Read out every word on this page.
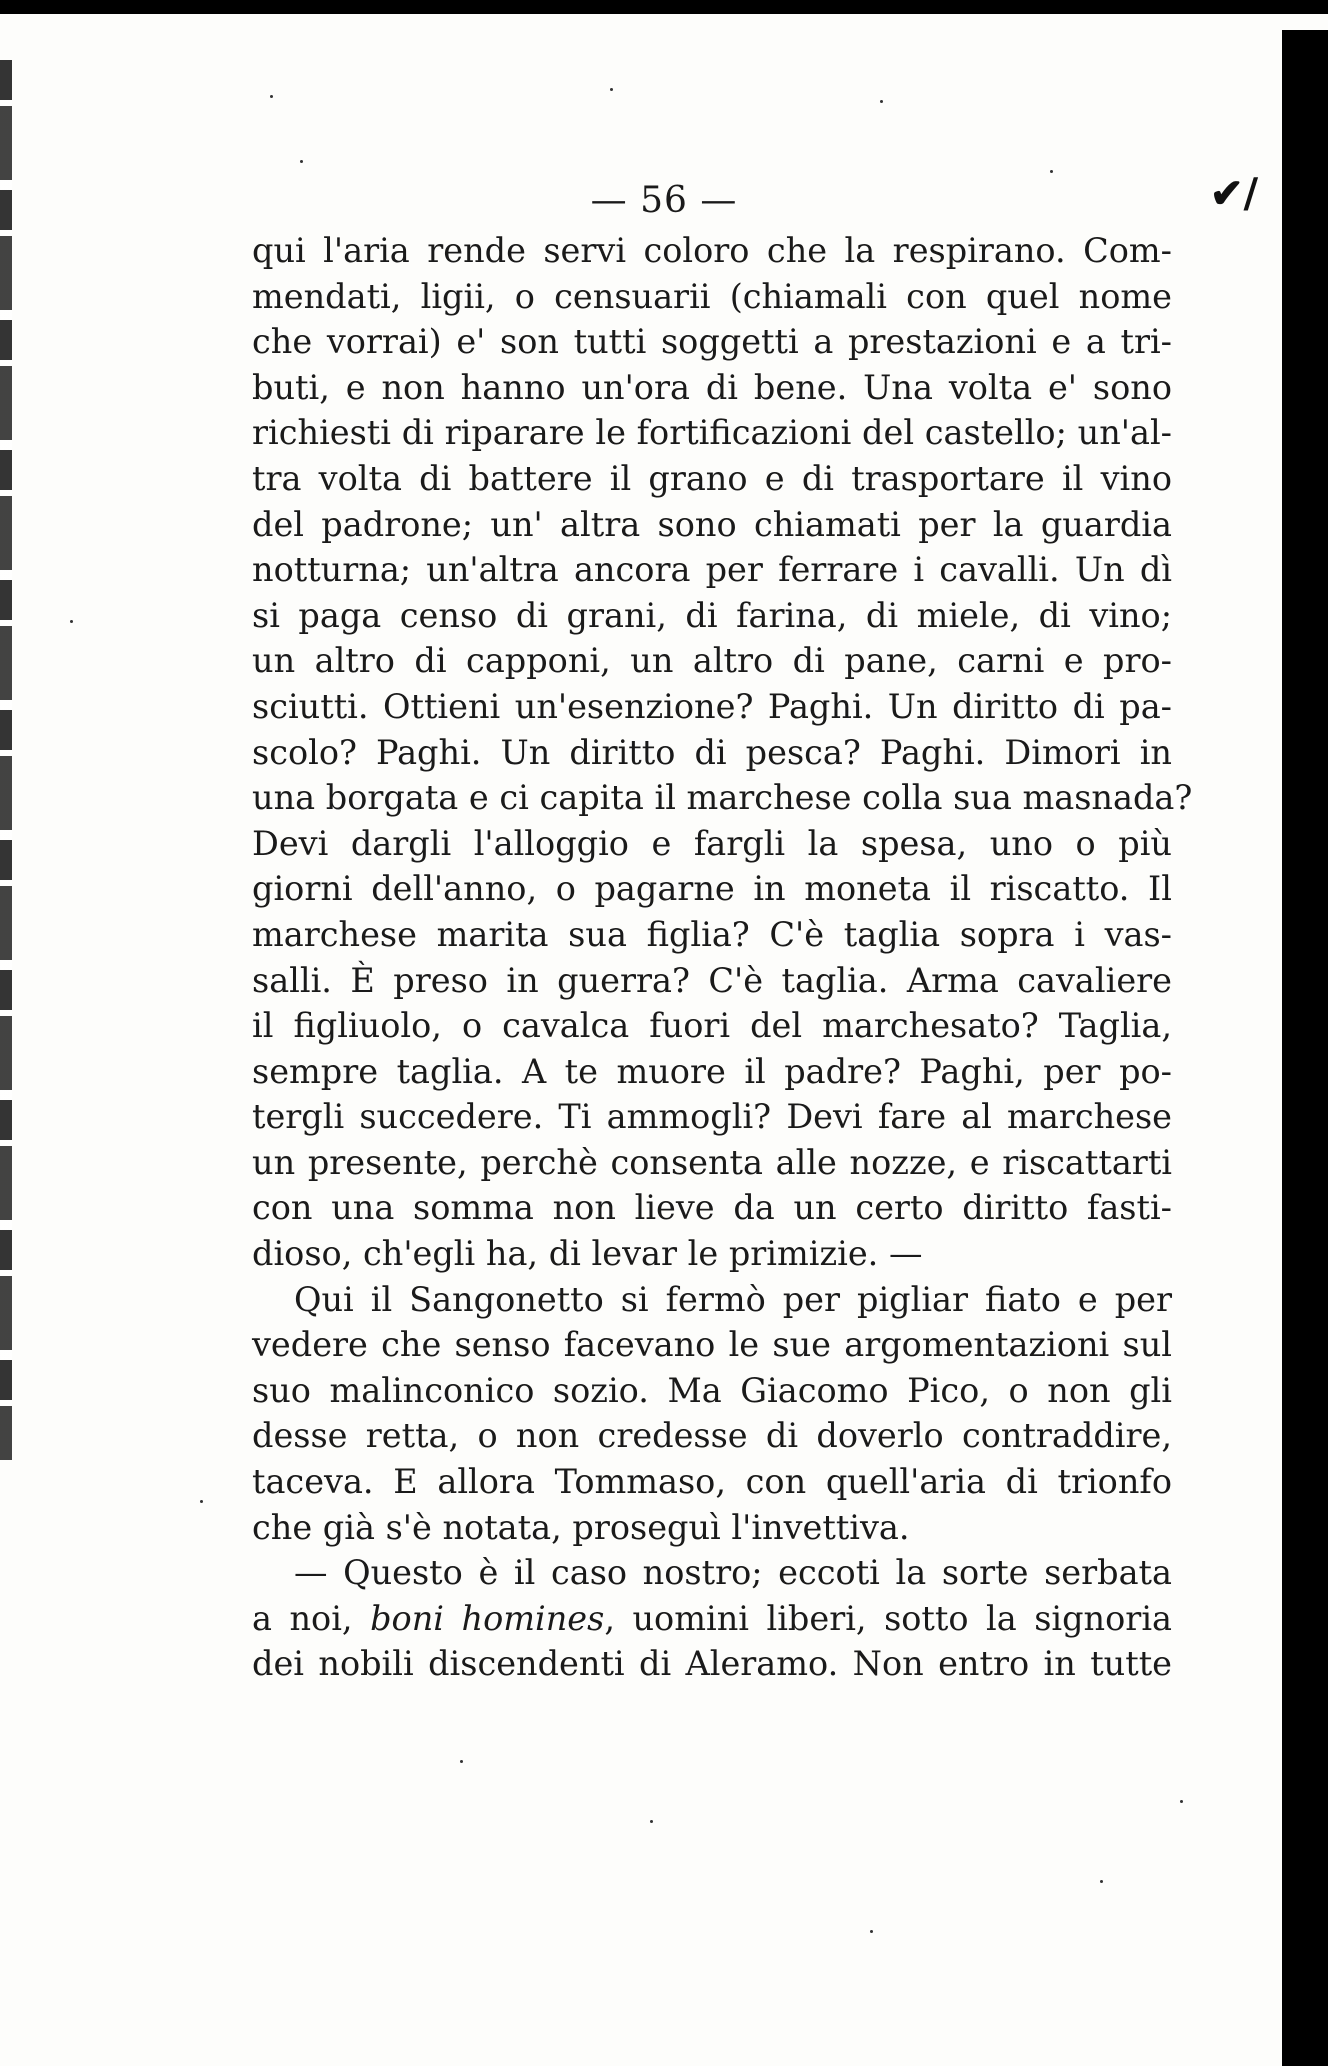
— 56 —	✔/
qui l'aria rende servi coloro che la respirano. Com-
mendati, ligii, o censuarii (chiamali con quel nome
che vorrai) e' son tutti soggetti a prestazioni e a tri-
buti, e non hanno un'ora di bene. Una volta e' sono
richiesti di riparare le fortificazioni del castello; un'al-
tra volta di battere il grano e di trasportare il vino
del padrone; un' altra sono chiamati per la guardia
notturna; un'altra ancora per ferrare i cavalli. Un dì
si paga censo di grani, di farina, di miele, di vino;
un altro di capponi, un altro di pane, carni e pro-
sciutti. Ottieni un'esenzione? Paghi. Un diritto di pa-
scolo? Paghi. Un diritto di pesca? Paghi. Dimori in
una borgata e ci capita il marchese colla sua masnada?
Devi dargli l'alloggio e fargli la spesa, uno o più
giorni dell'anno, o pagarne in moneta il riscatto. Il
marchese marita sua figlia? C'è taglia sopra i vas-
salli. È preso in guerra? C'è taglia. Arma cavaliere
il figliuolo, o cavalca fuori del marchesato? Taglia,
sempre taglia. A te muore il padre? Paghi, per po-
tergli succedere. Ti ammogli? Devi fare al marchese
un presente, perchè consenta alle nozze, e riscattarti
con una somma non lieve da un certo diritto fasti-
dioso, ch'egli ha, di levar le primizie. —
Qui il Sangonetto si fermò per pigliar fiato e per
vedere che senso facevano le sue argomentazioni sul
suo malinconico sozio. Ma Giacomo Pico, o non gli
desse retta, o non credesse di doverlo contraddire,
taceva. E allora Tommaso, con quell'aria di trionfo
che già s'è notata, proseguì l'invettiva.
— Questo è il caso nostro; eccoti la sorte serbata
a noi, boni homines, uomini liberi, sotto la signoria
dei nobili discendenti di Aleramo. Non entro in tutte
